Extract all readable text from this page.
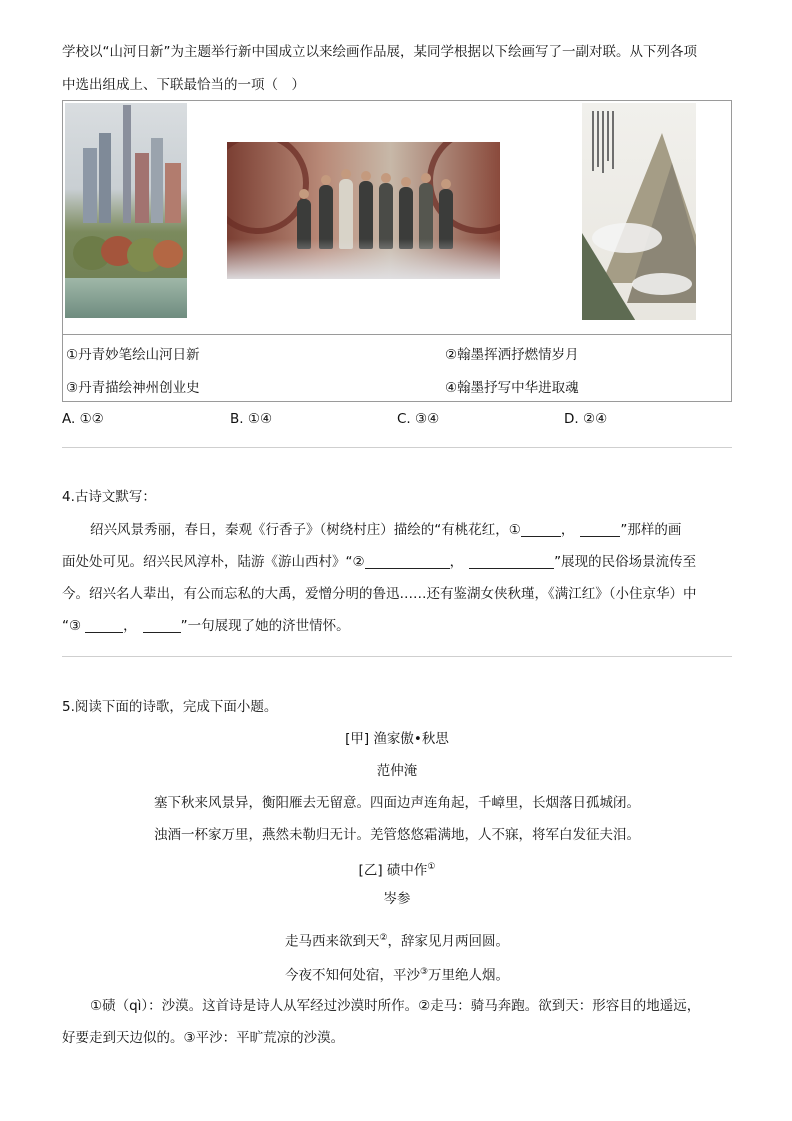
学校以“山河日新”为主题举行新中国成立以来绘画作品展，某同学根据以下绘画写了一副对联。从下列各项
中选出组成上、下联最恰当的一项（　）
①丹青妙笔绘山河日新	②翰墨挥洒抒燃情岁月
③丹青描绘神州创业史	④翰墨抒写中华进取魂
A. ①②	B. ①④	C. ③④	D. ②④
4.古诗文默写：
绍兴风景秀丽，春日，秦观《行香子》（树绕村庄）描绘的“有桃花红，①	，	”那样的画
面处处可见。绍兴民风淳朴，陆游《游山西村》“②	，	”展现的民俗场景流传至
今。绍兴名人辈出，有公而忘私的大禹，爱憎分明的鲁迅……还有鉴湖女侠秋瑾，《满江红》（小住京华）中
“③	，	”一句展现了她的济世情怀。
5.阅读下面的诗歌，完成下面小题。
[甲] 渔家傲•秋思
范仲淹
塞下秋来风景异，衡阳雁去无留意。四面边声连角起，千嶂里，长烟落日孤城闭。
浊酒一杯家万里，燕然未勒归无计。羌管悠悠霜满地，人不寐，将军白发征夫泪。
[乙] 碛中作①
岑参
走马西来欲到天②，辞家见月两回圆。
今夜不知何处宿，平沙③万里绝人烟。
①碛（qì）：沙漠。这首诗是诗人从军经过沙漠时所作。②走马：骑马奔跑。欲到天：形容目的地遥远，
好要走到天边似的。③平沙：平旷荒凉的沙漠。
